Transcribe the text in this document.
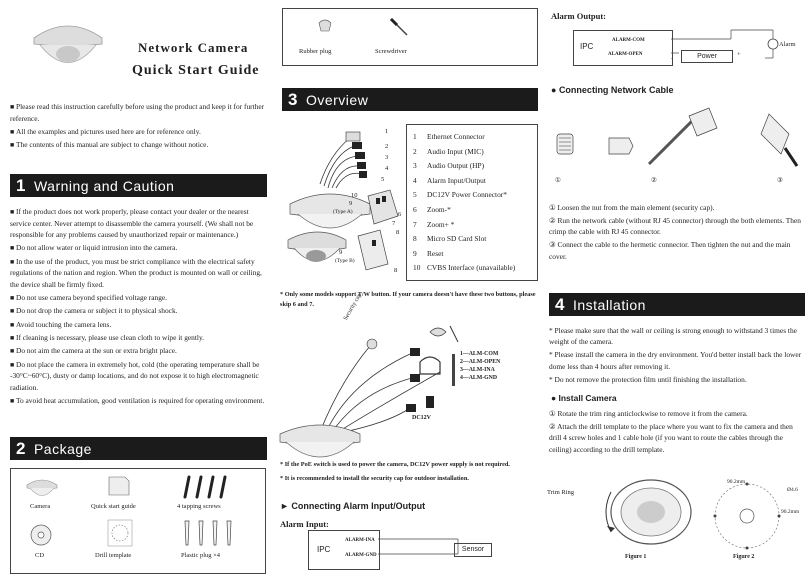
Network Camera
Quick Start Guide

■ Please read this instruction carefully before using the product and keep it for further reference.

■ All the examples and pictures used here are for reference only.

■ The contents of this manual are subject to change without notice.

1 Warning and Caution

■ If the product does not work properly, please contact your dealer or the nearest service center. Never attempt to disassemble the camera yourself. (We shall not be responsible for any problems caused by unauthorized repair or maintenance.)

■ Do not allow water or liquid intrusion into the camera.

■ In the use of the product, you must be strict compliance with the electrical safety regulations of the nation and region. When the product is mounted on wall or ceiling, the device shall be firmly fixed.

■ Do not use camera beyond specified voltage range.

■ Do not drop the camera or subject it to physical shock.

■ Avoid touching the camera lens.

■ If cleaning is necessary, please use clean cloth to wipe it gently.

■ Do not aim the camera at the sun or extra bright place.

■ Do not place the camera in extremely hot, cold (the operating temperature shall be -30°C~60°C), dusty or damp locations, and do not expose it to high electromagnetic radiation.

■ To avoid heat accumulation, good ventilation is required for operating environment.

2 Package
Camera	Quick start guide	4 tapping screws
CD	Drill template	Plastic plug ×4
Rubber plug	Screwdriver
3 Overview
1
2
3
4
5
10
9
(Type A)	6
7
8
9
(Type B)
8
1 Ethernet Connector
2 Audio Input (MIC)
3 Audio Output (HP)
4 Alarm Input/Output
5 DC12V Power Connector*
6 Zoom-*
7 Zoom+ *
8 Micro SD Card Slot
9 Reset
10 CVBS Interface (unavailable)
* Only some models support T/W button. If your camera doesn't have these two buttons, please skip 6 and 7.	Security cap
1—ALM-COM
2—ALM-OPEN
3—ALM-INA
4—ALM-GND
DC12V
* If the PoE switch is used to power the camera, DC12V power supply is not required.
* It is recommended to install the security cap for outdoor installation.
► Connecting Alarm Input/Output
Alarm Input:
IPC
ALARM-INA
ALARM-GND
Sensor
Alarm Output:
IPC
ALARM-COM
ALARM-OPEN
Alarm
Power
-
+
● Connecting Network Cable
①	②	③

① Loosen the nut from the main element (security cap).

② Run the network cable (without RJ 45 connector) through the both elements. Then crimp the cable with RJ 45 connector.

③ Connect the cable to the hermetic connector. Then tighten the nut and the main cover.

4 Installation

* Please make sure that the wall or ceiling is strong enough to withstand 3 times the weight of the camera.

* Please install the camera in the dry environment. You'd better install back the lower dome less than 4 hours after removing it.

* Do not remove the protection film until finishing the installation.

● Install Camera

① Rotate the trim ring anticlockwise to remove it from the camera.

② Attach the drill template to the place where you want to fix the camera and then drill 4 screw holes and 1 cable hole (if you want to route the cables through the ceiling) according to the drill template.

Trim Ring
Figure 1
90.2mm
Ø4.6
90.2mm
Figure 2
